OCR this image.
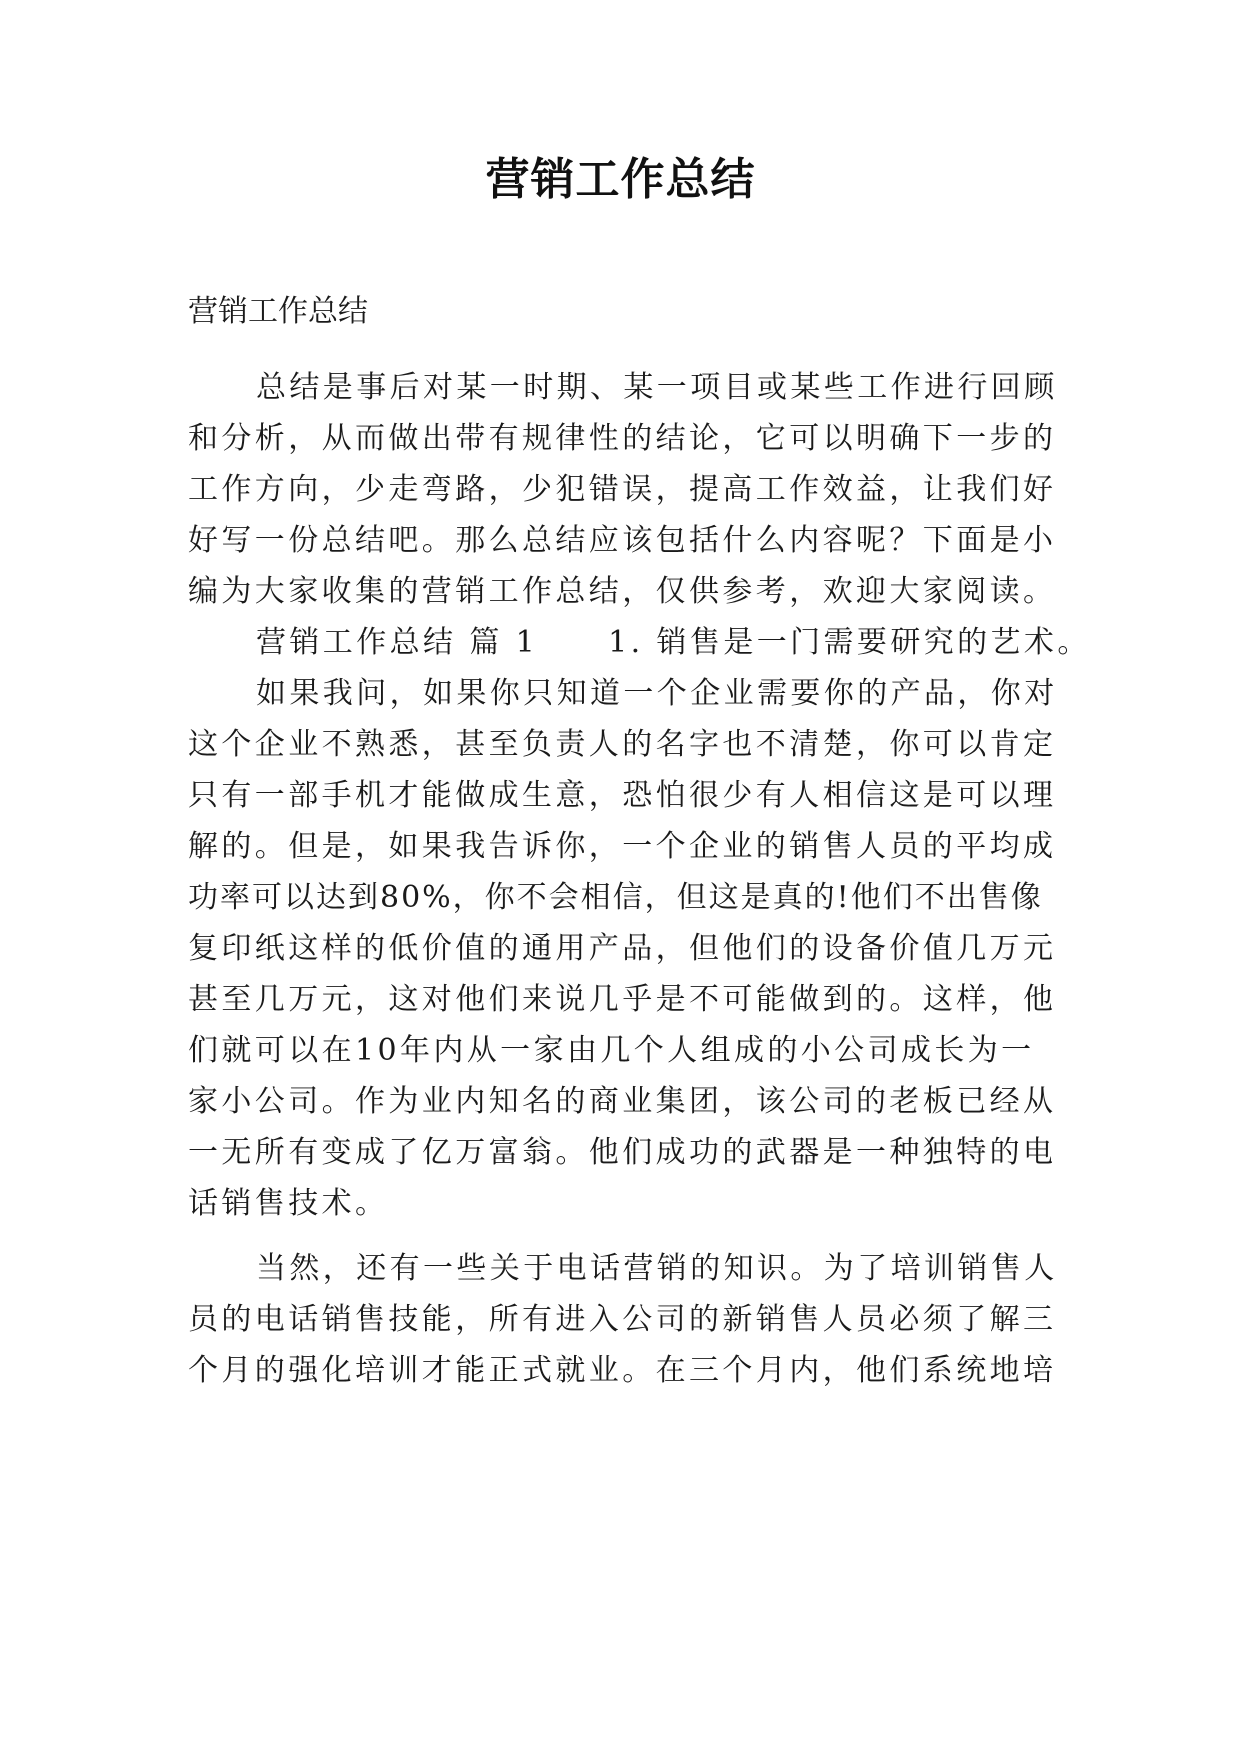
营销工作总结
营销工作总结
总结是事后对某一时期、某一项目或某些工作进行回顾
和分析，从而做出带有规律性的结论，它可以明确下一步的
工作方向，少走弯路，少犯错误，提高工作效益，让我们好
好写一份总结吧。那么总结应该包括什么内容呢？下面是小
编为大家收集的营销工作总结，仅供参考，欢迎大家阅读。
营销工作总结 篇 1 1. 销售是一门需要研究的艺术。
如果我问，如果你只知道一个企业需要你的产品，你对
这个企业不熟悉，甚至负责人的名字也不清楚，你可以肯定
只有一部手机才能做成生意，恐怕很少有人相信这是可以理
解的。但是，如果我告诉你，一个企业的销售人员的平均成
功率可以达到80%，你不会相信，但这是真的!他们不出售像
复印纸这样的低价值的通用产品，但他们的设备价值几万元
甚至几万元，这对他们来说几乎是不可能做到的。这样，他
们就可以在10年内从一家由几个人组成的小公司成长为一
家小公司。作为业内知名的商业集团，该公司的老板已经从
一无所有变成了亿万富翁。他们成功的武器是一种独特的电
话销售技术。
当然，还有一些关于电话营销的知识。为了培训销售人
员的电话销售技能，所有进入公司的新销售人员必须了解三
个月的强化培训才能正式就业。在三个月内，他们系统地培
